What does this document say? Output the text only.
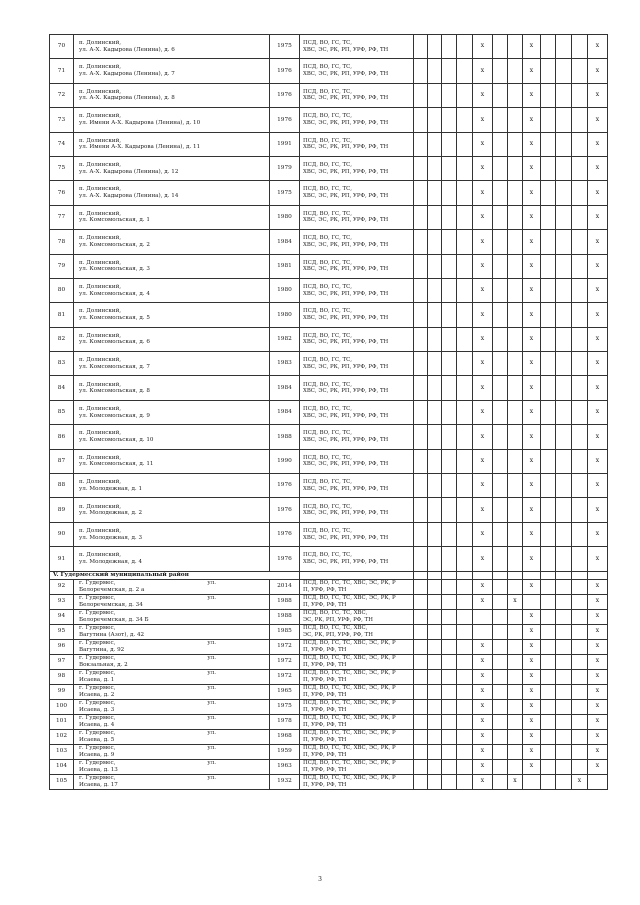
70	п. Долинский,
ул. А-Х. Кадырова (Ленина), д. 6	1975	ПСД, ВО, ГС, ТС,
ХВС, ЭС, РК, РП, УРФ, РФ, ТН					x			x				x
71	п. Долинский,
ул. А-Х. Кадырова (Ленина), д. 7	1976	ПСД, ВО, ГС, ТС,
ХВС, ЭС, РК, РП, УРФ, РФ, ТН					x			x				x
72	п. Долинский,
ул. А-Х. Кадырова (Ленина), д. 8	1976	ПСД, ВО, ГС, ТС,
ХВС, ЭС, РК, РП, УРФ, РФ, ТН					x			x				x
73	п. Долинский,
ул. Имени А-Х. Кадырова (Ленина), д. 10	1976	ПСД, ВО, ГС, ТС,
ХВС, ЭС, РК, РП, УРФ, РФ, ТН					x			x				x
74	п. Долинский,
ул. Имени А-Х. Кадырова (Ленина), д. 11	1991	ПСД, ВО, ГС, ТС,
ХВС, ЭС, РК, РП, УРФ, РФ, ТН					x			x				x
75	п. Долинский,
ул. А-Х. Кадырова (Ленина), д. 12	1979	ПСД, ВО, ГС, ТС,
ХВС, ЭС, РК, РП, УРФ, РФ, ТН					x			x				x
76	п. Долинский,
ул. А-Х. Кадырова (Ленина), д. 14	1975	ПСД, ВО, ГС, ТС,
ХВС, ЭС, РК, РП, УРФ, РФ, ТН					x			x				x
77	п. Долинский,
ул. Комсомольская, д. 1	1980	ПСД, ВО, ГС, ТС,
ХВС, ЭС, РК, РП, УРФ, РФ, ТН					x			x				x
78	п. Долинский,
ул. Комсомольская, д. 2	1984	ПСД, ВО, ГС, ТС,
ХВС, ЭС, РК, РП, УРФ, РФ, ТН					x			x				x
79	п. Долинский,
ул. Комсомольская, д. 3	1981	ПСД, ВО, ГС, ТС,
ХВС, ЭС, РК, РП, УРФ, РФ, ТН					x			x				x
80	п. Долинский,
ул. Комсомольская, д. 4	1980	ПСД, ВО, ГС, ТС,
ХВС, ЭС, РК, РП, УРФ, РФ, ТН					x			x				x
81	п. Долинский,
ул. Комсомольская, д. 5	1980	ПСД, ВО, ГС, ТС,
ХВС, ЭС, РК, РП, УРФ, РФ, ТН					x			x				x
82	п. Долинский,
ул. Комсомольская, д. 6	1982	ПСД, ВО, ГС, ТС,
ХВС, ЭС, РК, РП, УРФ, РФ, ТН					x			x				x
83	п. Долинский,
ул. Комсомольская, д. 7	1983	ПСД, ВО, ГС, ТС,
ХВС, ЭС, РК, РП, УРФ, РФ, ТН					x			x				x
84	п. Долинский,
ул. Комсомольская, д. 8	1984	ПСД, ВО, ГС, ТС,
ХВС, ЭС, РК, РП, УРФ, РФ, ТН					x			x				x
85	п. Долинский,
ул. Комсомольская, д. 9	1984	ПСД, ВО, ГС, ТС,
ХВС, ЭС, РК, РП, УРФ, РФ, ТН					x			x				x
86	п. Долинский,
ул. Комсомольская, д. 10	1988	ПСД, ВО, ГС, ТС,
ХВС, ЭС, РК, РП, УРФ, РФ, ТН					x			x				x
87	п. Долинский,
ул. Комсомольская, д. 11	1990	ПСД, ВО, ГС, ТС,
ХВС, ЭС, РК, РП, УРФ, РФ, ТН					x			x				x
88	п. Долинский,
ул. Молодежная, д. 1	1976	ПСД, ВО, ГС, ТС,
ХВС, ЭС, РК, РП, УРФ, РФ, ТН					x			x				x
89	п. Долинский,
ул. Молодежная, д. 2	1976	ПСД, ВО, ГС, ТС,
ХВС, ЭС, РК, РП, УРФ, РФ, ТН					x			x				x
90	п. Долинский,
ул. Молодежная, д. 3	1976	ПСД, ВО, ГС, ТС,
ХВС, ЭС, РК, РП, УРФ, РФ, ТН					x			x				x
91	п. Долинский,
ул. Молодежная, д. 4	1976	ПСД, ВО, ГС, ТС,
ХВС, ЭС, РК, РП, УРФ, РФ, ТН					x			x				x
V. Гудермесский муниципальный район															
92	г. Гудермес, ул.
Белоречемская, д. 2 а	2014	ПСД, ВО, ГС, ТС, ХВС, ЭС, РК, Р
П, УРФ, РФ, ТН					x			x				x
93	г. Гудермес, ул.
Белоречемская, д. 34	1988	ПСД, ВО, ГС, ТС, ХВС, ЭС, РК, Р
П, УРФ, РФ, ТН					x		x					x
94	г. Гудермес,
Белоречемская, д. 34 Б	1988	ПСД, ВО, ГС, ТС, ХВС,
ЭС, РК, РП, УРФ, РФ, ТН								x				x
95	г. Гудермес,
Вагутина (Азот), д. 42	1985	ПСД, ВО, ГС, ТС, ХВС,
ЭС, РК, РП, УРФ, РФ, ТН								x				x
96	г. Гудермес, ул.
Вагутина, д. 92	1972	ПСД, ВО, ГС, ТС, ХВС, ЭС, РК, Р
П, УРФ, РФ, ТН					x			x				x
97	г. Гудермес, ул.
Вокзальная, д. 2	1972	ПСД, ВО, ГС, ТС, ХВС, ЭС, РК, Р
П, УРФ, РФ, ТН					x			x				x
98	г. Гудермес, ул.
Исаева, д. 1	1972	ПСД, ВО, ГС, ТС, ХВС, ЭС, РК, Р
П, УРФ, РФ, ТН					x			x				x
99	г. Гудермес, ул.
Исаева, д. 2	1965	ПСД, ВО, ГС, ТС, ХВС, ЭС, РК, Р
П, УРФ, РФ, ТН					x			x				x
100	г. Гудермес, ул.
Исаева, д. 3	1975	ПСД, ВО, ГС, ТС, ХВС, ЭС, РК, Р
П, УРФ, РФ, ТН					x			x				x
101	г. Гудермес, ул.
Исаева, д. 4	1978	ПСД, ВО, ГС, ТС, ХВС, ЭС, РК, Р
П, УРФ, РФ, ТН					x			x				x
102	г. Гудермес, ул.
Исаева, д. 5	1968	ПСД, ВО, ГС, ТС, ХВС, ЭС, РК, Р
П, УРФ, РФ, ТН					x			x				x
103	г. Гудермес, ул.
Исаева, д. 9	1959	ПСД, ВО, ГС, ТС, ХВС, ЭС, РК, Р
П, УРФ, РФ, ТН					x			x				x
104	г. Гудермес, ул.
Исаева, д. 13	1963	ПСД, ВО, ГС, ТС, ХВС, ЭС, РК, Р
П, УРФ, РФ, ТН					x			x				x
105	г. Гудермес, ул.
Исаева, д. 17	1932	ПСД, ВО, ГС, ТС, ХВС, ЭС, РК, Р
П, УРФ, РФ, ТН					x		x				x	
3
